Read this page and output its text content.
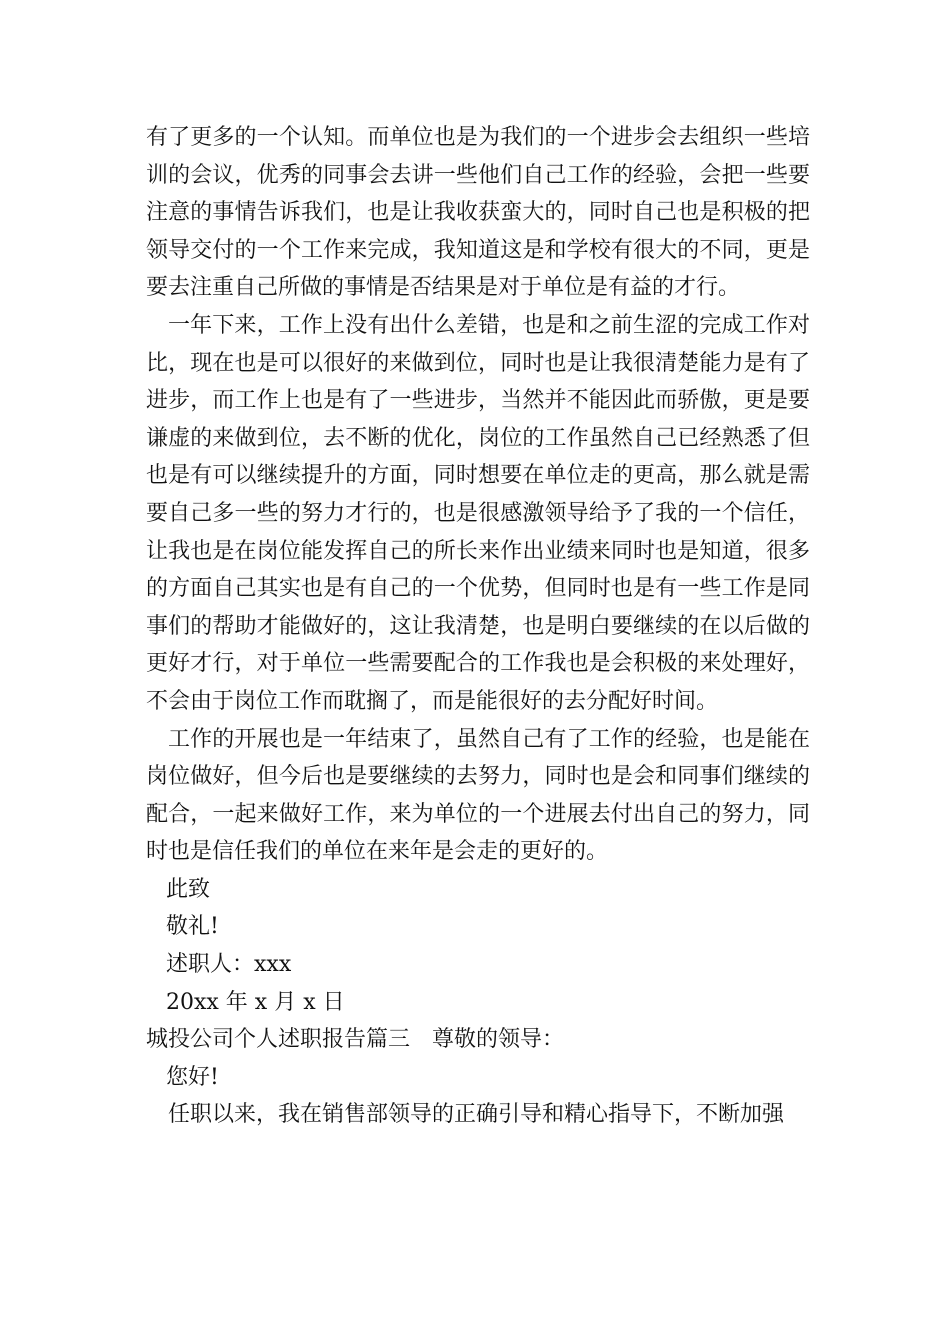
有了更多的一个认知。而单位也是为我们的一个进步会去组织一些培训的会议，优秀的同事会去讲一些他们自己工作的经验，会把一些要注意的事情告诉我们，也是让我收获蛮大的，同时自己也是积极的把领导交付的一个工作来完成，我知道这是和学校有很大的不同，更是要去注重自己所做的事情是否结果是对于单位是有益的才行。

一年下来，工作上没有出什么差错，也是和之前生涩的完成工作对比，现在也是可以很好的来做到位，同时也是让我很清楚能力是有了进步，而工作上也是有了一些进步，当然并不能因此而骄傲，更是要谦虚的来做到位，去不断的优化，岗位的工作虽然自己已经熟悉了但也是有可以继续提升的方面，同时想要在单位走的更高，那么就是需要自己多一些的努力才行的，也是很感激领导给予了我的一个信任，让我也是在岗位能发挥自己的所长来作出业绩来同时也是知道，很多的方面自己其实也是有自己的一个优势，但同时也是有一些工作是同事们的帮助才能做好的，这让我清楚，也是明白要继续的在以后做的更好才行，对于单位一些需要配合的工作我也是会积极的来处理好，不会由于岗位工作而耽搁了，而是能很好的去分配好时间。

工作的开展也是一年结束了，虽然自己有了工作的经验，也是能在岗位做好，但今后也是要继续的去努力，同时也是会和同事们继续的配合，一起来做好工作，来为单位的一个进展去付出自己的努力，同时也是信任我们的单位在来年是会走的更好的。

此致

敬礼!

述职人：xxx

20xx 年 x 月 x 日

城投公司个人述职报告篇三 尊敬的领导：

您好!

任职以来，我在销售部领导的正确引导和精心指导下，不断加强
